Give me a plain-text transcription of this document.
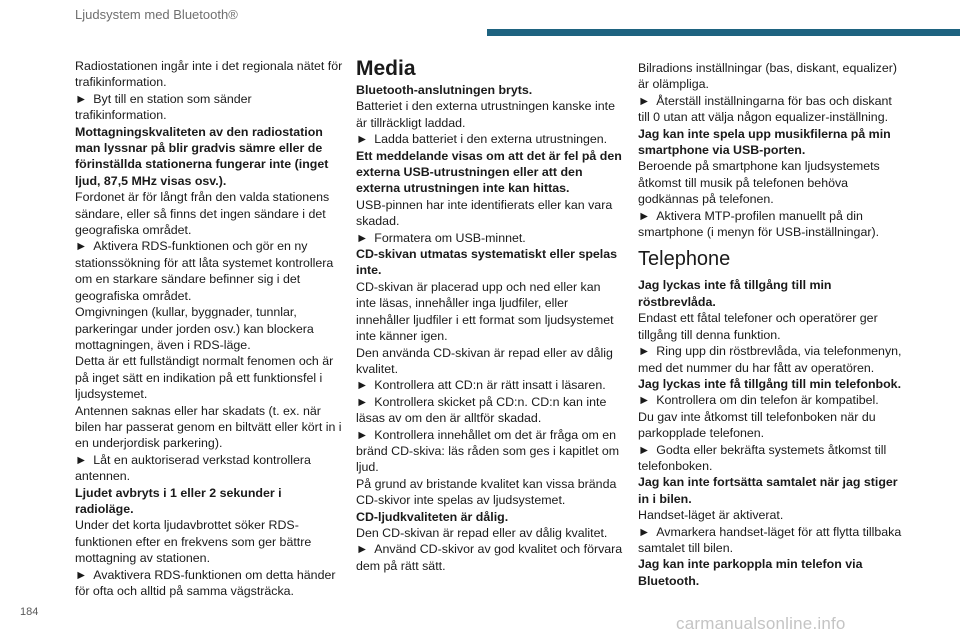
Ljudsystem med Bluetooth®

Radiostationen ingår inte i det regionala nätet för trafikinformation.

► Byt till en station som sänder trafikinformation.

Mottagningskvaliteten av den radiostation man lyssnar på blir gradvis sämre eller de förinställda stationerna fungerar inte (inget ljud, 87,5 MHz visas osv.).

Fordonet är för långt från den valda stationens sändare, eller så finns det ingen sändare i det geografiska området.

► Aktivera RDS-funktionen och gör en ny stationssökning för att låta systemet kontrollera om en starkare sändare befinner sig i det geografiska området.

Omgivningen (kullar, byggnader, tunnlar, parkeringar under jorden osv.) kan blockera mottagningen, även i RDS-läge.

Detta är ett fullständigt normalt fenomen och är på inget sätt en indikation på ett funktionsfel i ljudsystemet.

Antennen saknas eller har skadats (t. ex. när bilen har passerat genom en biltvätt eller kört in i en underjordisk parkering).

► Låt en auktoriserad verkstad kontrollera antennen.

Ljudet avbryts i 1 eller 2 sekunder i radioläge.

Under det korta ljudavbrottet söker RDS-funktionen efter en frekvens som ger bättre mottagning av stationen.

► Avaktivera RDS-funktionen om detta händer för ofta och alltid på samma vägsträcka.

Media

Bluetooth-anslutningen bryts.

Batteriet i den externa utrustningen kanske inte är tillräckligt laddad.

► Ladda batteriet i den externa utrustningen.

Ett meddelande visas om att det är fel på den externa USB-utrustningen eller att den externa utrustningen inte kan hittas.

USB-pinnen har inte identifierats eller kan vara skadad.

► Formatera om USB-minnet.

CD-skivan utmatas systematiskt eller spelas inte.

CD-skivan är placerad upp och ned eller kan inte läsas, innehåller inga ljudfiler, eller innehåller ljudfiler i ett format som ljudsystemet inte känner igen.

Den använda CD-skivan är repad eller av dålig kvalitet.

► Kontrollera att CD:n är rätt insatt i läsaren.

► Kontrollera skicket på CD:n. CD:n kan inte läsas av om den är alltför skadad.

► Kontrollera innehållet om det är fråga om en bränd CD-skiva: läs råden som ges i kapitlet om ljud.

På grund av bristande kvalitet kan vissa brända CD-skivor inte spelas av ljudsystemet.

CD-ljudkvaliteten är dålig.

Den CD-skivan är repad eller av dålig kvalitet.

► Använd CD-skivor av god kvalitet och förvara dem på rätt sätt.

Bilradions inställningar (bas, diskant, equalizer) är olämpliga.

► Återställ inställningarna för bas och diskant till 0 utan att välja någon equalizer-inställning.

Jag kan inte spela upp musikfilerna på min smartphone via USB-porten.

Beroende på smartphone kan ljudsystemets åtkomst till musik på telefonen behöva godkännas på telefonen.

► Aktivera MTP-profilen manuellt på din smartphone (i menyn för USB-inställningar).

Telephone

Jag lyckas inte få tillgång till min röstbrevlåda.

Endast ett fåtal telefoner och operatörer ger tillgång till denna funktion.

► Ring upp din röstbrevlåda, via telefonmenyn, med det nummer du har fått av operatören.

Jag lyckas inte få tillgång till min telefonbok.

► Kontrollera om din telefon är kompatibel.

Du gav inte åtkomst till telefonboken när du parkopplade telefonen.

► Godta eller bekräfta systemets åtkomst till telefonboken.

Jag kan inte fortsätta samtalet när jag stiger in i bilen.

Handset-läget är aktiverat.

► Avmarkera handset-läget för att flytta tillbaka samtalet till bilen.

Jag kan inte parkoppla min telefon via Bluetooth.

184
carmanualsonline.info
